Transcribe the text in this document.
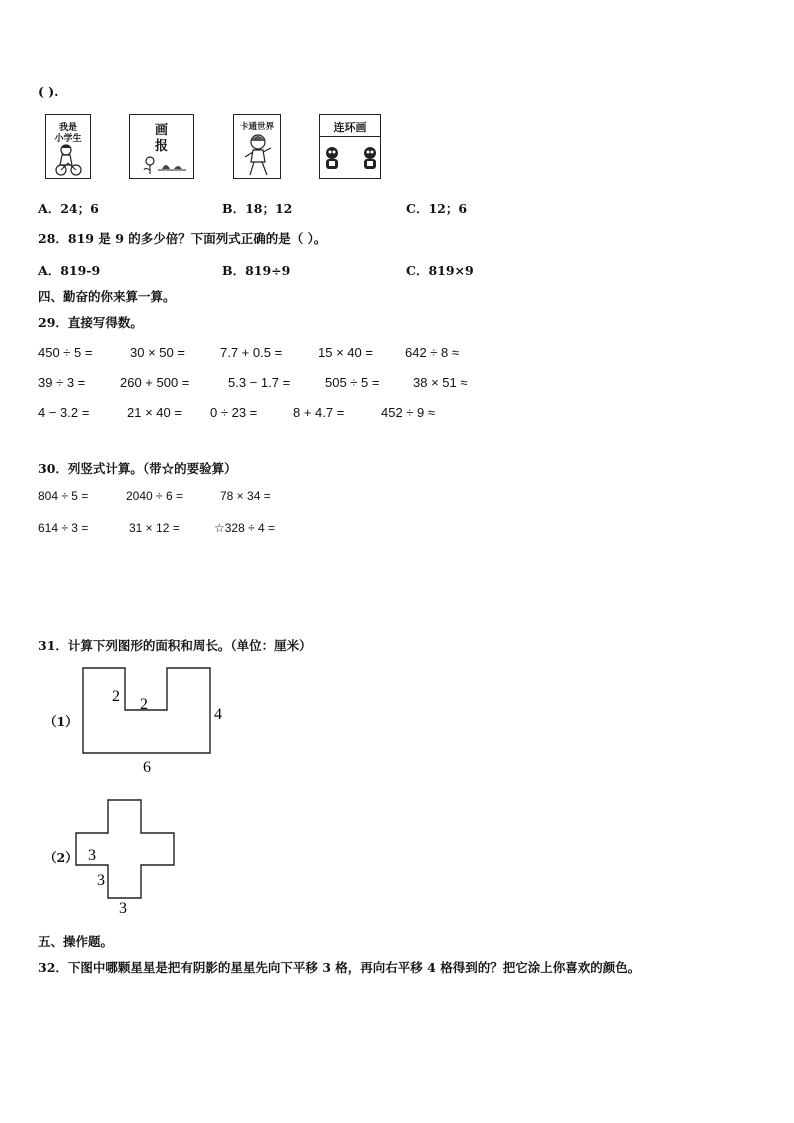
( ).
我是
小学生
画
报
卡通世界	连环画
A．24；6	B．18；12	C．12；6
28．819 是 9 的多少倍？下面列式正确的是（ ）。
A．819-9	B．819÷9	C．819×9
四、勤奋的你来算一算。
29．直接写得数。
450 ÷ 5 =	30 × 50 =	7.7 + 0.5 =	15 × 40 = 642 ÷ 8 ≈
39 ÷ 3 =	260 + 500 =	5.3 − 1.7 =	505 ÷ 5 =	38 × 51 ≈
4 − 3.2 =	21 × 40 = 0 ÷ 23 =	8 + 4.7 =	452 ÷ 9 ≈
30．列竖式计算。（带☆的要验算）
804 ÷ 5 =	2040 ÷ 6 =	78 × 34 =
614 ÷ 3 =	31 × 12 =	☆328 ÷ 4 =
31．计算下列图形的面积和周长。（单位：厘米）
（1）
2 2
4
6
（2） 3
3
3
五、操作题。
32．下图中哪颗星星是把有阴影的星星先向下平移 3 格，再向右平移 4 格得到的？把它涂上你喜欢的颜色。
